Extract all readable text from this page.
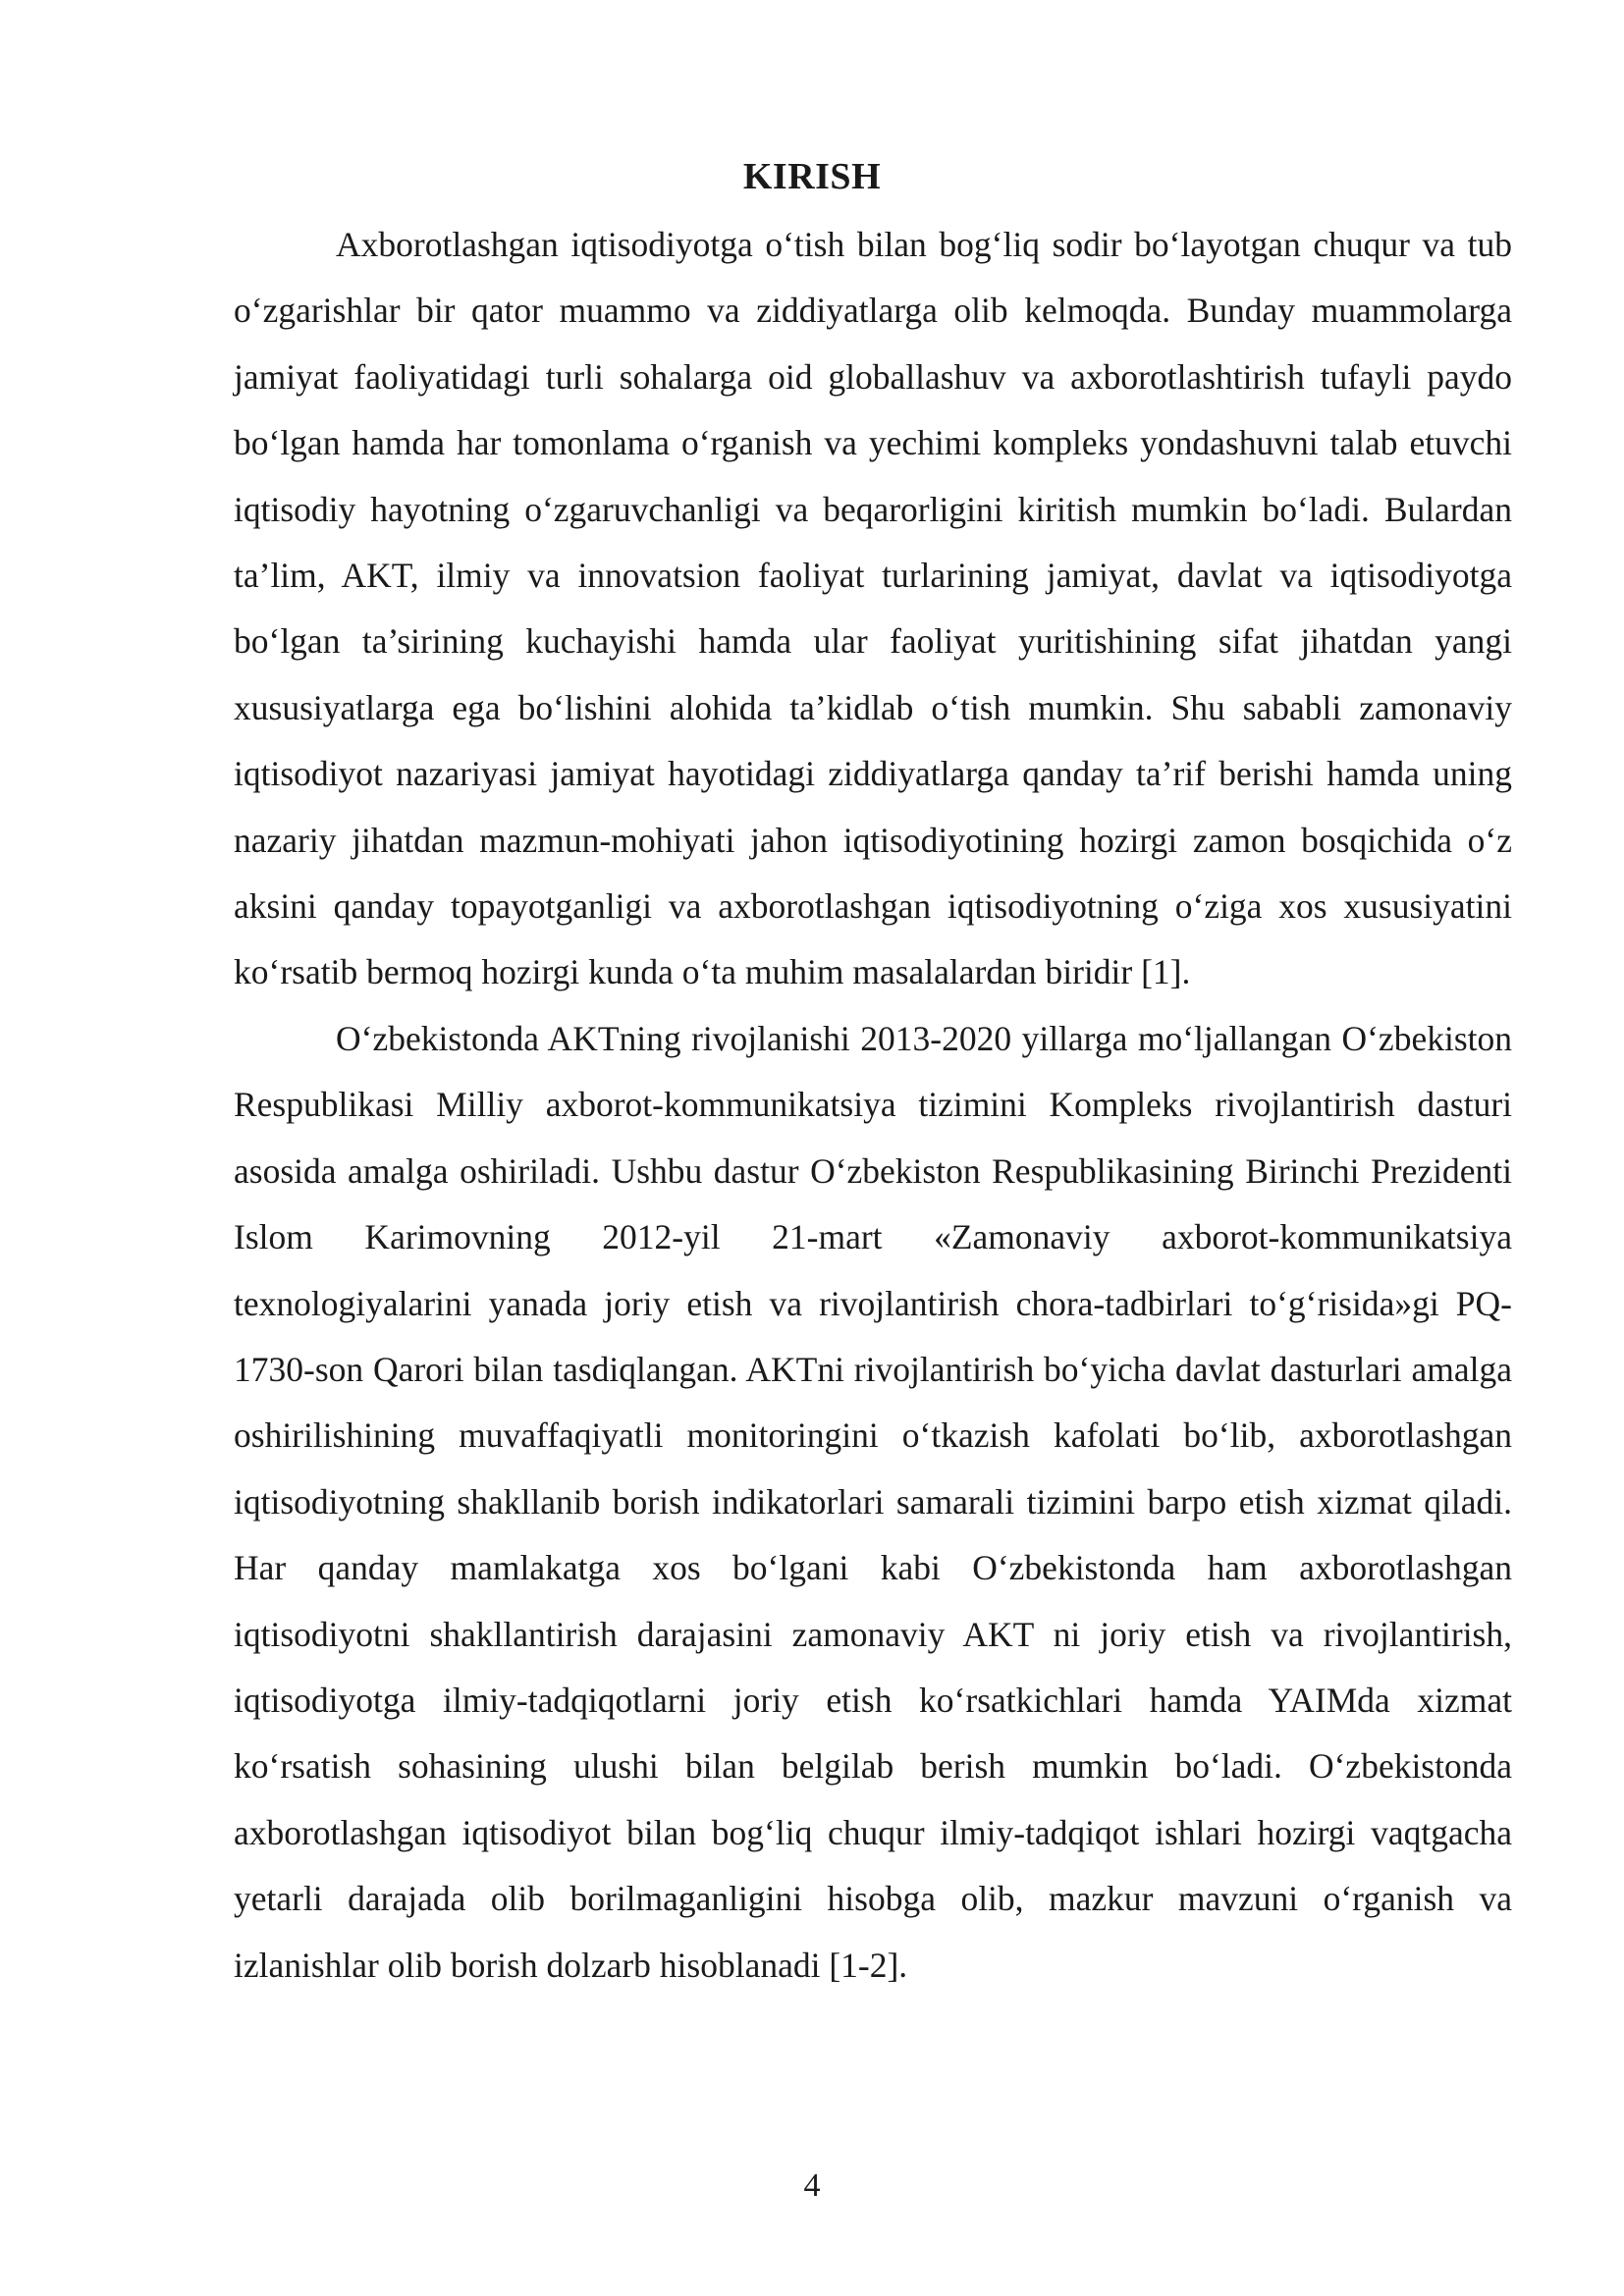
KIRISH

Axborotlashgan iqtisodiyotga o‘tish bilan bog‘liq sodir bo‘layotgan chuqur va tub o‘zgarishlar bir qator muammo va ziddiyatlarga olib kelmoqda. Bunday muammolarga jamiyat faoliyatidagi turli sohalarga oid globallashuv va axborotlashtirish tufayli paydo bo‘lgan hamda har tomonlama o‘rganish va yechimi kompleks yondashuvni talab etuvchi iqtisodiy hayotning o‘zgaruvchanligi va beqarorligini kiritish mumkin bo‘ladi. Bulardan ta’lim, AKT, ilmiy va innovatsion faoliyat turlarining jamiyat, davlat va iqtisodiyotga bo‘lgan ta’sirining kuchayishi hamda ular faoliyat yuritishining sifat jihatdan yangi xususiyatlarga ega bo‘lishini alohida ta’kidlab o‘tish mumkin. Shu sababli zamonaviy iqtisodiyot nazariyasi jamiyat hayotidagi ziddiyatlarga qanday ta’rif berishi hamda uning nazariy jihatdan mazmun-mohiyati jahon iqtisodiyotining hozirgi zamon bosqichida o‘z aksini qanday topayotganligi va axborotlashgan iqtisodiyotning o‘ziga xos xususiyatini ko‘rsatib bermoq hozirgi kunda o‘ta muhim masalalardan biridir [1].

O‘zbekistonda AKTning rivojlanishi 2013-2020 yillarga mo‘ljallangan O‘zbekiston Respublikasi Milliy axborot-kommunikatsiya tizimini Kompleks rivojlantirish dasturi asosida amalga oshiriladi. Ushbu dastur O‘zbekiston Respublikasining Birinchi Prezidenti Islom Karimovning 2012-yil 21-mart «Zamonaviy axborot-kommunikatsiya texnologiyalarini yanada joriy etish va rivojlantirish chora-tadbirlari to‘g‘risida»gi PQ-1730-son Qarori bilan tasdiqlangan. AKTni rivojlantirish bo‘yicha davlat dasturlari amalga oshirilishining muvaffaqiyatli monitoringini o‘tkazish kafolati bo‘lib, axborotlashgan iqtisodiyotning shakllanib borish indikatorlari samarali tizimini barpo etish xizmat qiladi. Har qanday mamlakatga xos bo‘lgani kabi O‘zbekistonda ham axborotlashgan iqtisodiyotni shakllantirish darajasini zamonaviy AKT ni joriy etish va rivojlantirish, iqtisodiyotga ilmiy-tadqiqotlarni joriy etish ko‘rsatkichlari hamda YAIMda xizmat ko‘rsatish sohasining ulushi bilan belgilab berish mumkin bo‘ladi. O‘zbekistonda axborotlashgan iqtisodiyot bilan bog‘liq chuqur ilmiy-tadqiqot ishlari hozirgi vaqtgacha yetarli darajada olib borilmaganligini hisobga olib, mazkur mavzuni o‘rganish va izlanishlar olib borish dolzarb hisoblanadi [1-2].

4
